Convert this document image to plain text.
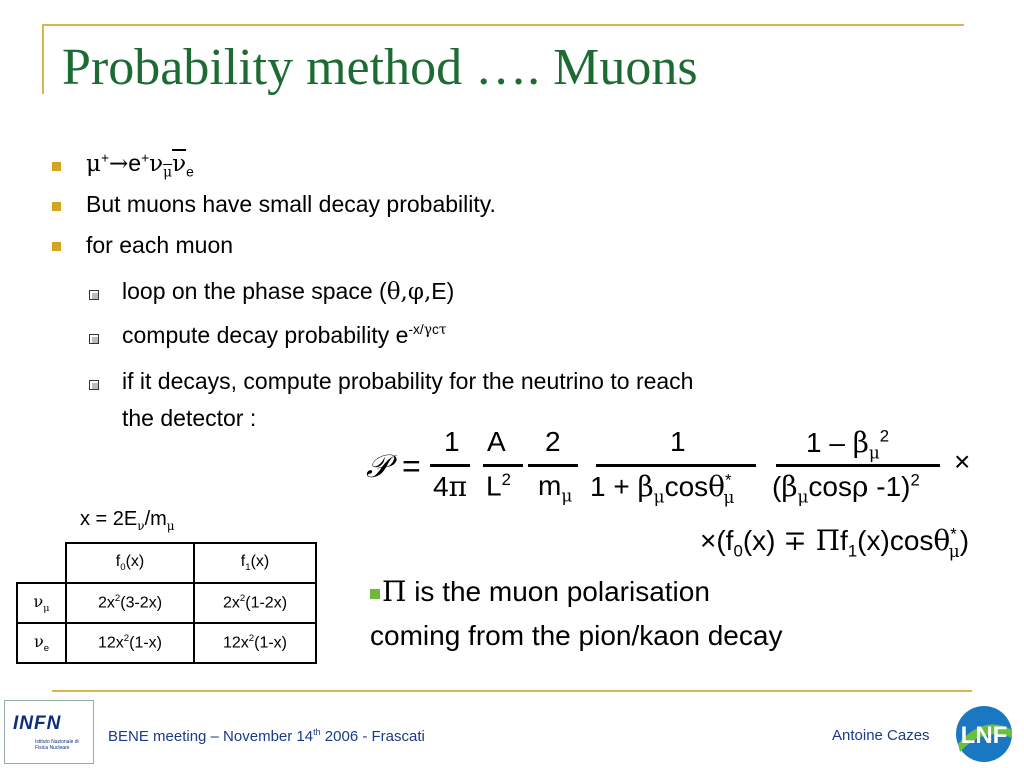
Probability method …. Muons
$\mu^+\to e^+\nu_{\overline{\mu}}\overline{\nu}_e$
But muons have small decay probability.
for each muon
loop on the phase space (θ,φ,E)
compute decay probability $e^{-x/\gamma c\tau}$
if it decays, compute probability for the neutrino to reach
the detector :
𝒫 =
1
4π
A
$L^2$
2
$m_\mu$
1
$1 + \beta_\mu\cos\theta^*_\mu$
$1 - \beta_\mu^2$
($\beta_\mu\cos\rho$ -1)$^2$
×
$\times(f_0(x) \mp \Pi f_1(x)\cos\theta^*_\mu)$
$x = 2E_\nu/m_\mu$
	$f_0(x)$	$f_1(x)$
$\nu_\mu$	$2x^2(3-2x)$	$2x^2(1-2x)$
$\nu_e$	$12x^2(1-x)$	$12x^2(1-x)$
Π is the muon polarisation
coming from the pion/kaon decay
INFN
Istituto Nazionale di Fisica Nucleare
BENE meeting – November 14th 2006 - Frascati	Antoine Cazes LNF
